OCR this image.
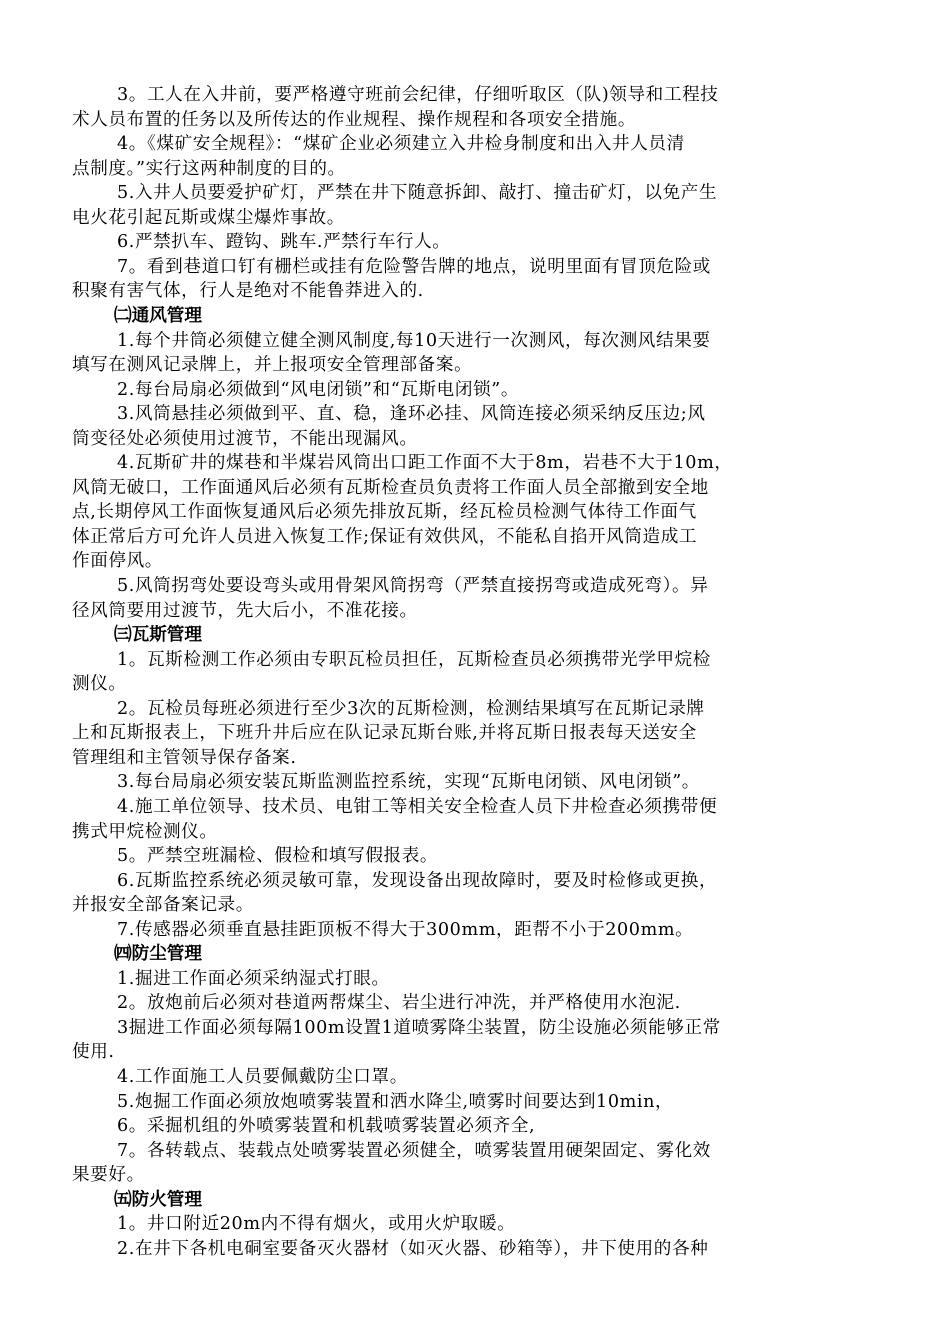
3。工人在入井前，要严格遵守班前会纪律，仔细听取区（队)领导和工程技
术人员布置的任务以及所传达的作业规程、操作规程和各项安全措施。
4。《煤矿安全规程》：“煤矿企业必须建立入井检身制度和出入井人员清
点制度。”实行这两种制度的目的。
5.入井人员要爱护矿灯，严禁在井下随意拆卸、敲打、撞击矿灯，以免产生
电火花引起瓦斯或煤尘爆炸事故。
6.严禁扒车、蹬钩、跳车.严禁行车行人。
7。看到巷道口钉有栅栏或挂有危险警告牌的地点，说明里面有冒顶危险或
积聚有害气体，行人是绝对不能鲁莽进入的.
㈡通风管理
1.每个井筒必须健立健全测风制度,每10天进行一次测风，每次测风结果要
填写在测风记录牌上，并上报项安全管理部备案。
2.每台局扇必须做到“风电闭锁”和“瓦斯电闭锁”。
3.风筒悬挂必须做到平、直、稳，逢环必挂、风筒连接必须采纳反压边;风
筒变径处必须使用过渡节，不能出现漏风。
4.瓦斯矿井的煤巷和半煤岩风筒出口距工作面不大于8m，岩巷不大于10m，
风筒无破口，工作面通风后必须有瓦斯检查员负责将工作面人员全部撤到安全地
点,长期停风工作面恢复通风后必须先排放瓦斯，经瓦检员检测气体待工作面气
体正常后方可允许人员进入恢复工作;保证有效供风，不能私自掐开风筒造成工
作面停风。
5.风筒拐弯处要设弯头或用骨架风筒拐弯（严禁直接拐弯或造成死弯）。异
径风筒要用过渡节，先大后小，不准花接。
㈢瓦斯管理
1。瓦斯检测工作必须由专职瓦检员担任，瓦斯检查员必须携带光学甲烷检
测仪。
2。瓦检员每班必须进行至少3次的瓦斯检测，检测结果填写在瓦斯记录牌
上和瓦斯报表上，下班升井后应在队记录瓦斯台账,并将瓦斯日报表每天送安全
管理组和主管领导保存备案.
3.每台局扇必须安装瓦斯监测监控系统，实现“瓦斯电闭锁、风电闭锁”。
4.施工单位领导、技术员、电钳工等相关安全检查人员下井检查必须携带便
携式甲烷检测仪。
5。严禁空班漏检、假检和填写假报表。
6.瓦斯监控系统必须灵敏可靠，发现设备出现故障时，要及时检修或更换，
并报安全部备案记录。
7.传感器必须垂直悬挂距顶板不得大于300mm，距帮不小于200mm。
㈣防尘管理
1.掘进工作面必须采纳湿式打眼。
2。放炮前后必须对巷道两帮煤尘、岩尘进行冲洗，并严格使用水泡泥.
3掘进工作面必须每隔100m设置1道喷雾降尘装置，防尘设施必须能够正常
使用.
4.工作面施工人员要佩戴防尘口罩。
5.炮掘工作面必须放炮喷雾装置和洒水降尘,喷雾时间要达到10min，
6。采掘机组的外喷雾装置和机载喷雾装置必须齐全,
7。各转载点、装载点处喷雾装置必须健全，喷雾装置用硬架固定、雾化效
果要好。
㈤防火管理
1。井口附近20m内不得有烟火，或用火炉取暖。
2.在井下各机电硐室要备灭火器材（如灭火器、砂箱等），井下使用的各种
